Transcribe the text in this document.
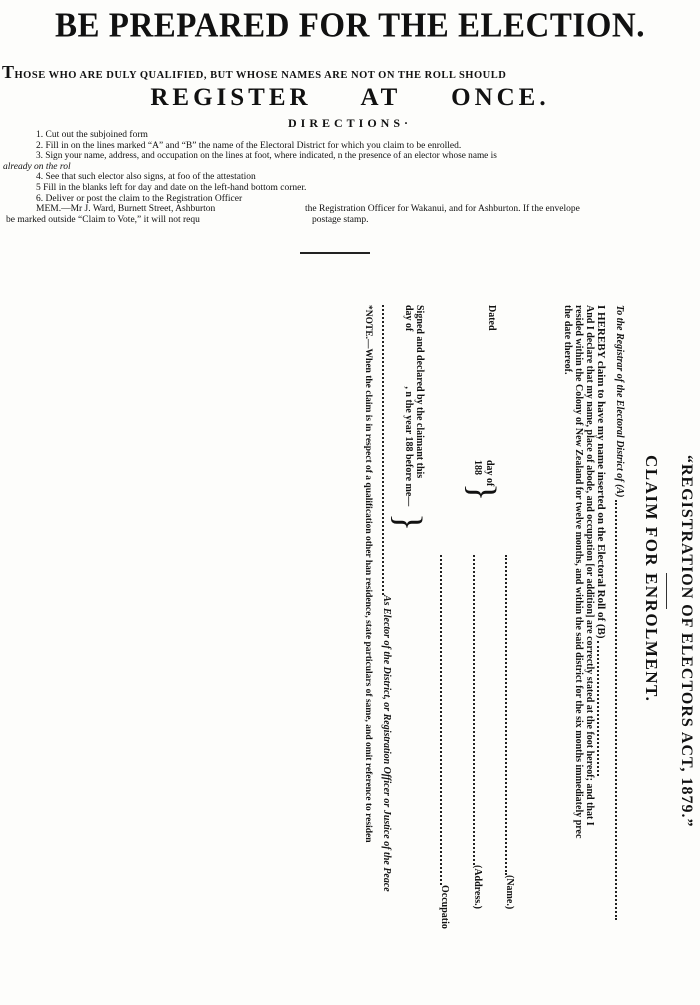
BE PREPARED FOR THE ELECTION.
THOSE WHO ARE DULY QUALIFIED, BUT WHOSE NAMES ARE NOT ON THE ROLL SHOULD
REGISTER AT ONCE.
DIRECTIONS·
1. Cut out the subjoined form
2. Fill in on the lines marked “A” and “B” the name of the Electoral District for which you claim to be enrolled.
3. Sign your name, address, and occupation on the lines at foot, where indicated, n the presence of an elector whose name is
already on the rol
4. See that such elector also signs, at foo of the attestation
5 Fill in the blanks left for day and date on the left-hand bottom corner.
6. Deliver or post the claim to the Registration Officer
MEM.—Mr J. Ward, Burnett Street, Ashburton	the Registration Officer for Wakanui, and for Ashburton. If the envelope
be marked outside “Claim to Vote,” it will not requ	postage stamp.
“REGISTRATION OF ELECTORS ACT, 1879.”
CLAIM FOR ENROLMENT.
To the Registrar of the Electoral District of (A)
I HEREBY claim to have my name inserted on the Electoral Roll of (B)
And I declare that my name, place of abode, and occupation [or addition] are correctly stated at the foot hereof; and that I
resided within the Colony of New Zealand for twelve months, and within the said district for the six months immediately prec
the date thereof.
(Name.)
Dated
day of
188
}
(Address.)
Occupatio
Signed and declared by the claimant this
day of, n the year 188 before me—
}
As Elector of the District, or Registration Officer or Justice of the Peace
*NOTE.—When the claim is in respect of a qualification other han residence, state particulars of same, and omit reference to residen
